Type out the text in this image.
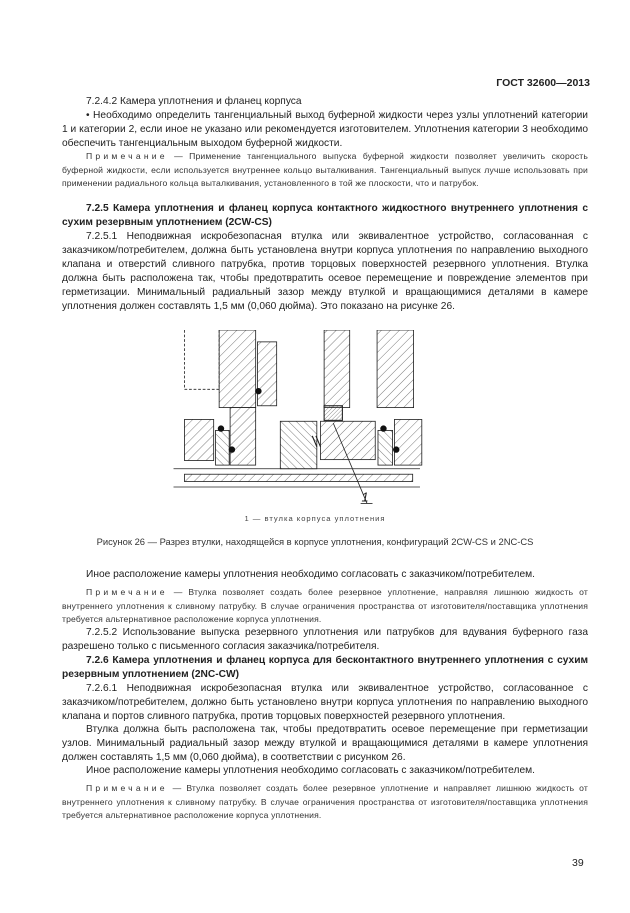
ГОСТ 32600—2013
7.2.4.2 Камера уплотнения и фланец корпуса
• Необходимо определить тангенциальный выход буферной жидкости через узлы уплотнений категории 1 и категории 2, если иное не указано или рекомендуется изготовителем. Уплотнения категории 3 необходимо обеспечить тангенциальным выходом буферной жидкости.
Примечание — Применение тангенциального выпуска буферной жидкости позволяет увеличить скорость буферной жидкости, если используется внутреннее кольцо выталкивания. Тангенциальный выпуск лучше использовать при применении радиального кольца выталкивания, установленного в той же плоскости, что и патрубок.
7.2.5 Камера уплотнения и фланец корпуса контактного жидкостного внутреннего уплотнения с сухим резервным уплотнением (2CW-CS)
7.2.5.1 Неподвижная искробезопасная втулка или эквивалентное устройство, согласованная с заказчиком/потребителем, должна быть установлена внутри корпуса уплотнения по направлению выходного клапана и отверстий сливного патрубка, против торцовых поверхностей резервного уплотнения. Втулка должна быть расположена так, чтобы предотвратить осевое перемещение и повреждение элементов при герметизации. Минимальный радиальный зазор между втулкой и вращающимися деталями в камере уплотнения должен составлять 1,5 мм (0,060 дюйма). Это показано на рисунке 26.
1
1 — втулка корпуса уплотнения
Рисунок 26 — Разрез втулки, находящейся в корпусе уплотнения, конфигураций 2CW-CS и 2NC-CS
Иное расположение камеры уплотнения необходимо согласовать с заказчиком/потребителем.
Примечание — Втулка позволяет создать более резервное уплотнение, направляя лишнюю жидкость от внутреннего уплотнения к сливному патрубку. В случае ограничения пространства от изготовителя/поставщика уплотнения требуется альтернативное расположение корпуса уплотнения.
7.2.5.2 Использование выпуска резервного уплотнения или патрубков для вдувания буферного газа разрешено только с письменного согласия заказчика/потребителя.
7.2.6 Камера уплотнения и фланец корпуса для бесконтактного внутреннего уплотнения с сухим резервным уплотнением (2NC-CW)
7.2.6.1 Неподвижная искробезопасная втулка или эквивалентное устройство, согласованное с заказчиком/потребителем, должно быть установлено внутри корпуса уплотнения по направлению выходного клапана и портов сливного патрубка, против торцовых поверхностей резервного уплотнения.
Втулка должна быть расположена так, чтобы предотвратить осевое перемещение при герметизации узлов. Минимальный радиальный зазор между втулкой и вращающимися деталями в камере уплотнения должен составлять 1,5 мм (0,060 дюйма), в соответствии с рисунком 26.
Иное расположение камеры уплотнения необходимо согласовать с заказчиком/потребителем.
Примечание — Втулка позволяет создать более резервное уплотнение и направляет лишнюю жидкость от внутреннего уплотнения к сливному патрубку. В случае ограничения пространства от изготовителя/поставщика уплотнения требуется альтернативное расположение корпуса уплотнения.
39
